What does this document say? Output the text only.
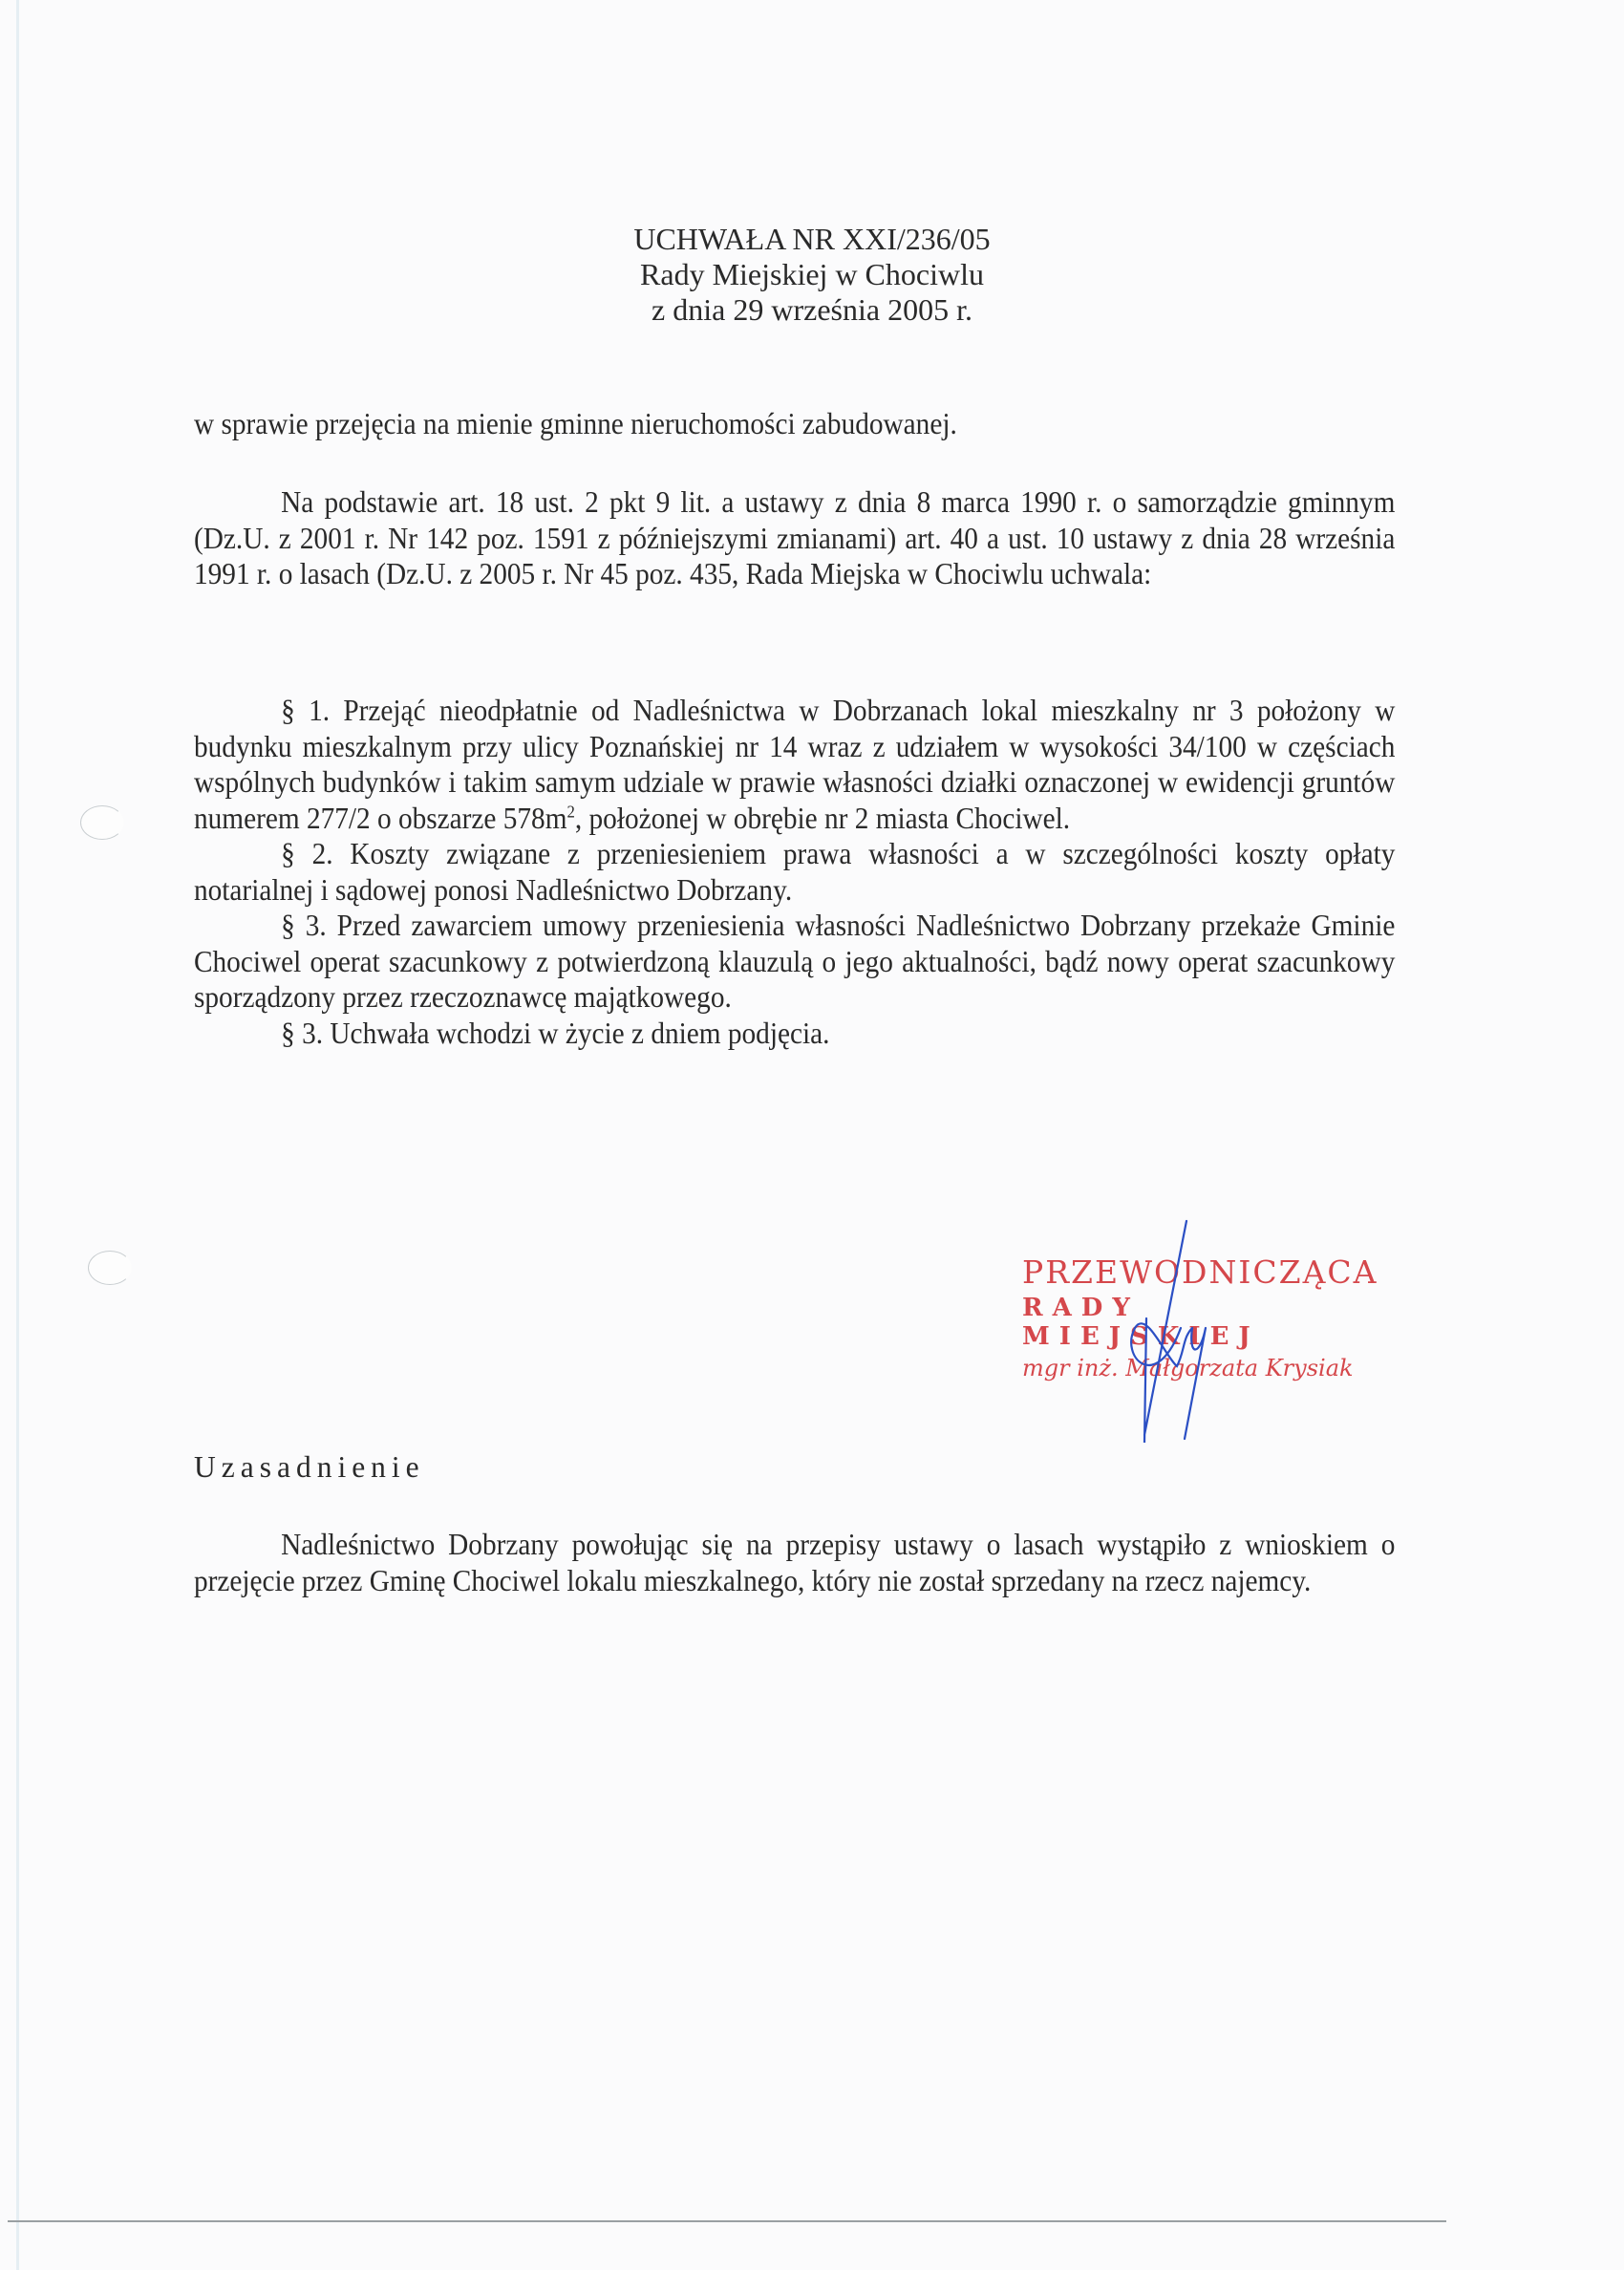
UCHWAŁA NR XXI/236/05
Rady Miejskiej w Chociwlu
z dnia 29 września 2005 r.

w sprawie przejęcia na mienie gminne nieruchomości zabudowanej.

Na podstawie art. 18 ust. 2 pkt 9 lit. a ustawy z dnia 8 marca 1990 r. o samorządzie gminnym (Dz.U. z 2001 r. Nr 142 poz. 1591 z późniejszymi zmianami) art. 40 a ust. 10 ustawy z dnia 28 września 1991 r. o lasach (Dz.U. z 2005 r. Nr 45 poz. 435, Rada Miejska w Chociwlu uchwala:

§ 1. Przejąć nieodpłatnie od Nadleśnictwa w Dobrzanach lokal mieszkalny nr 3 położony w budynku mieszkalnym przy ulicy Poznańskiej nr 14 wraz z udziałem w wysokości 34/100 w częściach wspólnych budynków i takim samym udziale w prawie własności działki oznaczonej w ewidencji gruntów numerem 277/2 o obszarze $578m^2$, położonej w obrębie nr 2 miasta Chociwel.

§ 2. Koszty związane z przeniesieniem prawa własności a w szczególności koszty opłaty notarialnej i sądowej ponosi Nadleśnictwo Dobrzany.

§ 3. Przed zawarciem umowy przeniesienia własności Nadleśnictwo Dobrzany przekaże Gminie Chociwel operat szacunkowy z potwierdzoną klauzulą o jego aktualności, bądź nowy operat szacunkowy sporządzony przez rzeczoznawcę majątkowego.

§ 3. Uchwała wchodzi w życie z dniem podjęcia.

PRZEWODNICZĄCA
RADY MIEJSKIEJ
mgr inż. Małgorzata Krysiak
Uzasadnienie

Nadleśnictwo Dobrzany powołując się na przepisy ustawy o lasach wystąpiło z wnioskiem o przejęcie przez Gminę Chociwel lokalu mieszkalnego, który nie został sprzedany na rzecz najemcy.
